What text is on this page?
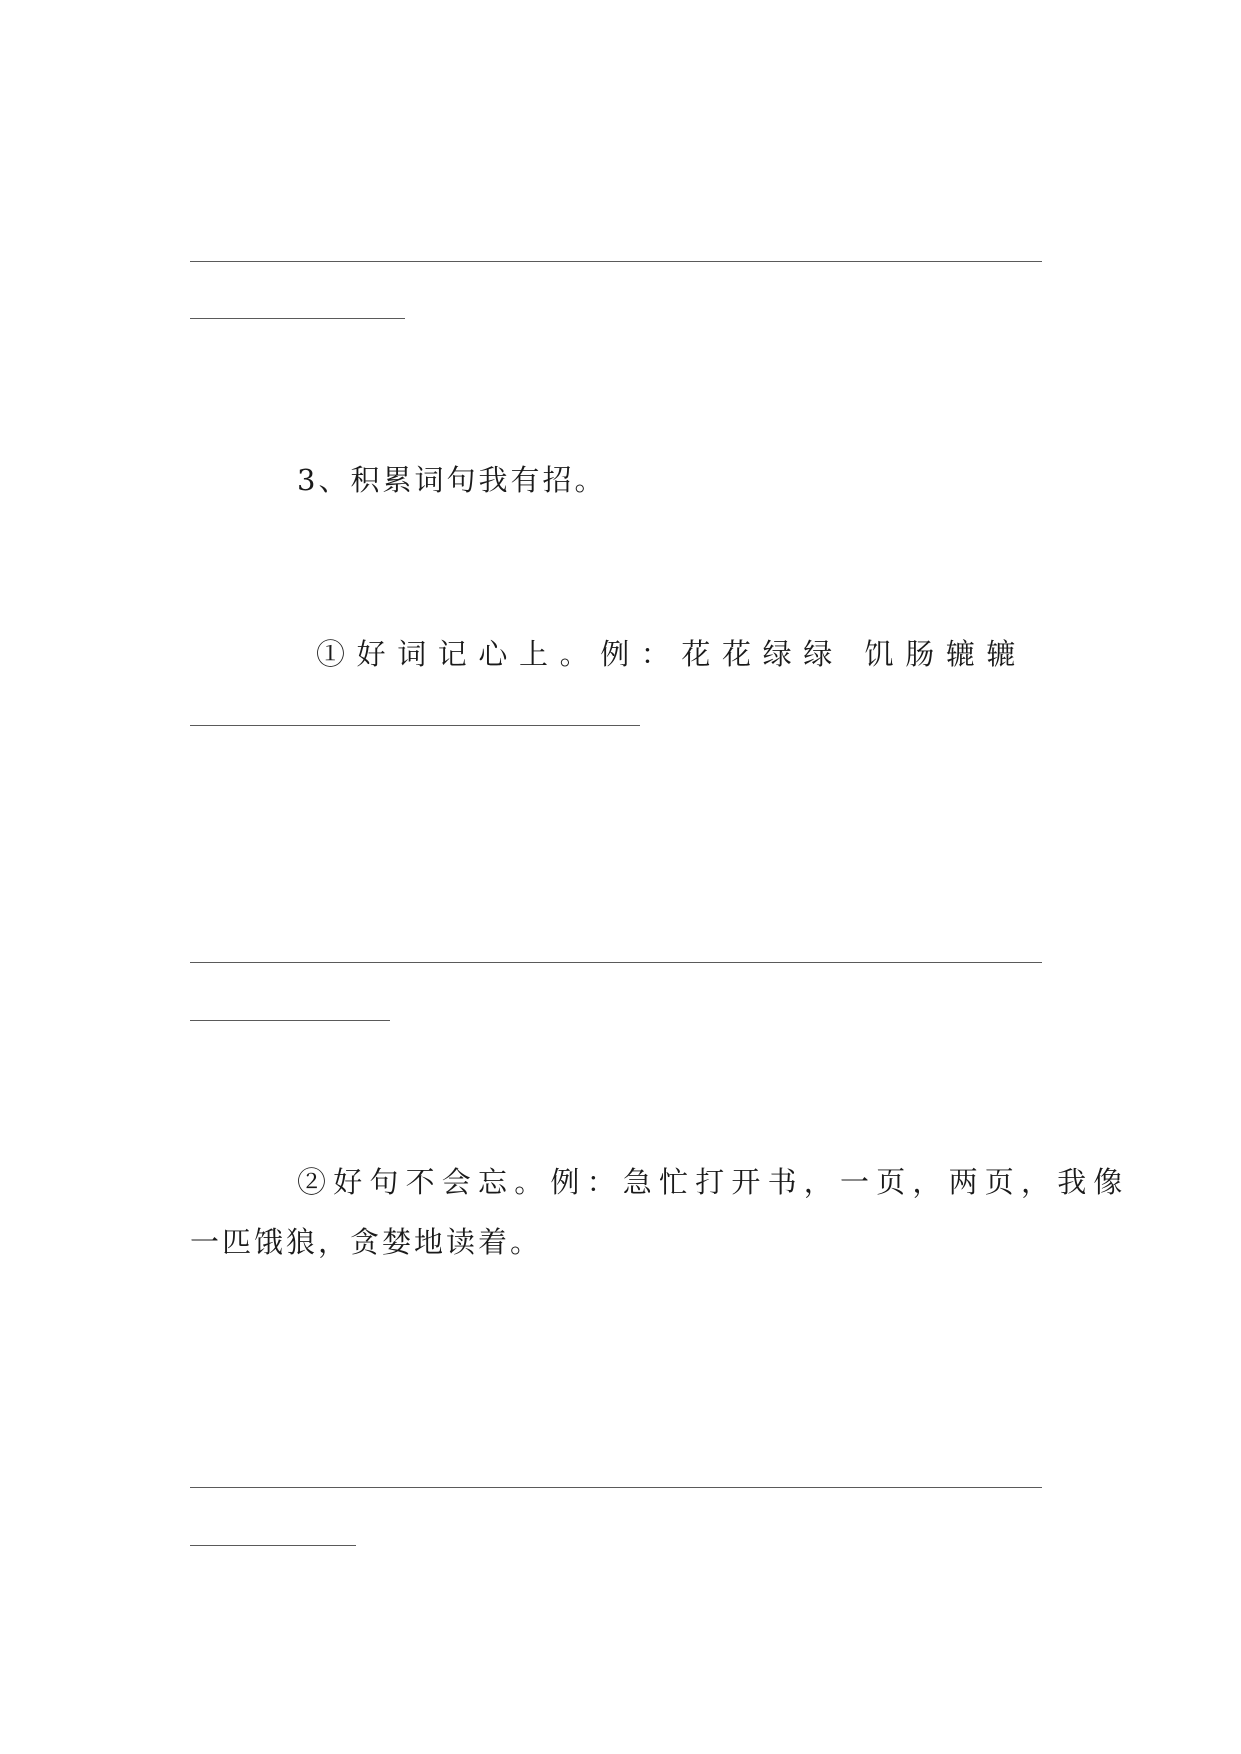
3、积累词句我有招。
①好词记心上。例：花花绿绿 饥肠辘辘
②好句不会忘。例：急忙打开书，一页，两页，我像
一匹饿狼，贪婪地读着。
